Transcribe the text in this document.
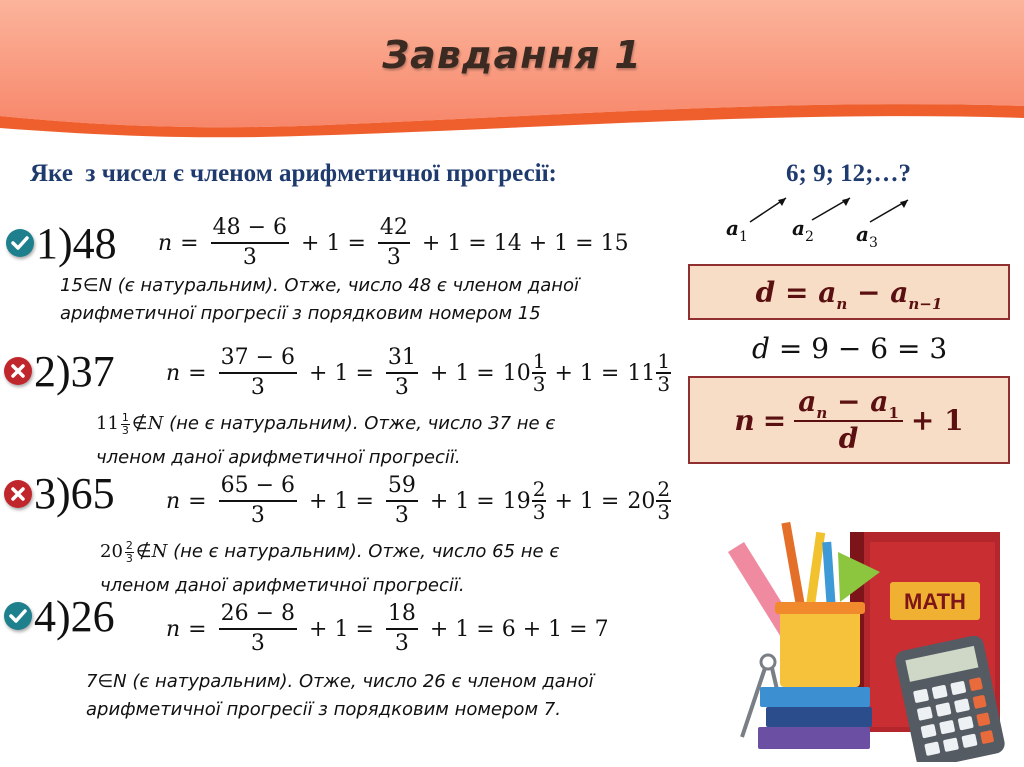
Завдання 1
Яке  з чисел є членом арифметичної прогресії:	6; 9; 12;…?
$a_1$ $a_2$ $a_3$
$d = a_n - a_{n-1}$
d = 9 − 6 = 3
$n = \frac{a_n - a_1}{d} + 1$
1)48 $n = \frac{48 - 6}{3} + 1 = \frac{42}{3} + 1 = 14 + 1 = 15$
15∈N (є натуральним). Отже, число 48 є членом даної
арифметичної прогресії з порядковим номером 15
2)37 $n = \frac{37 - 6}{3} + 1 = \frac{31}{3} + 1 = 10$ 1
3 + 1 = 11 1
3
$11 \frac{1}{3}$ ∉N (не є натуральним). Отже, число 37 не є
членом даної арифметичної прогресії.
3)65 $n = \frac{65 - 6}{3} + 1 = \frac{59}{3} + 1 = 19$ 2
3 + 1 = 20 2
3
$20 \frac{2}{3}$ ∉N (не є натуральним). Отже, число 65 не є
членом даної арифметичної прогресії.
4)26 $n = \frac{26 - 8}{3} + 1 = \frac{18}{3} + 1 = 6 + 1 = 7$
7∈N (є натуральним). Отже, число 26 є членом даної
арифметичної прогресії з порядковим номером 7.
MATH
